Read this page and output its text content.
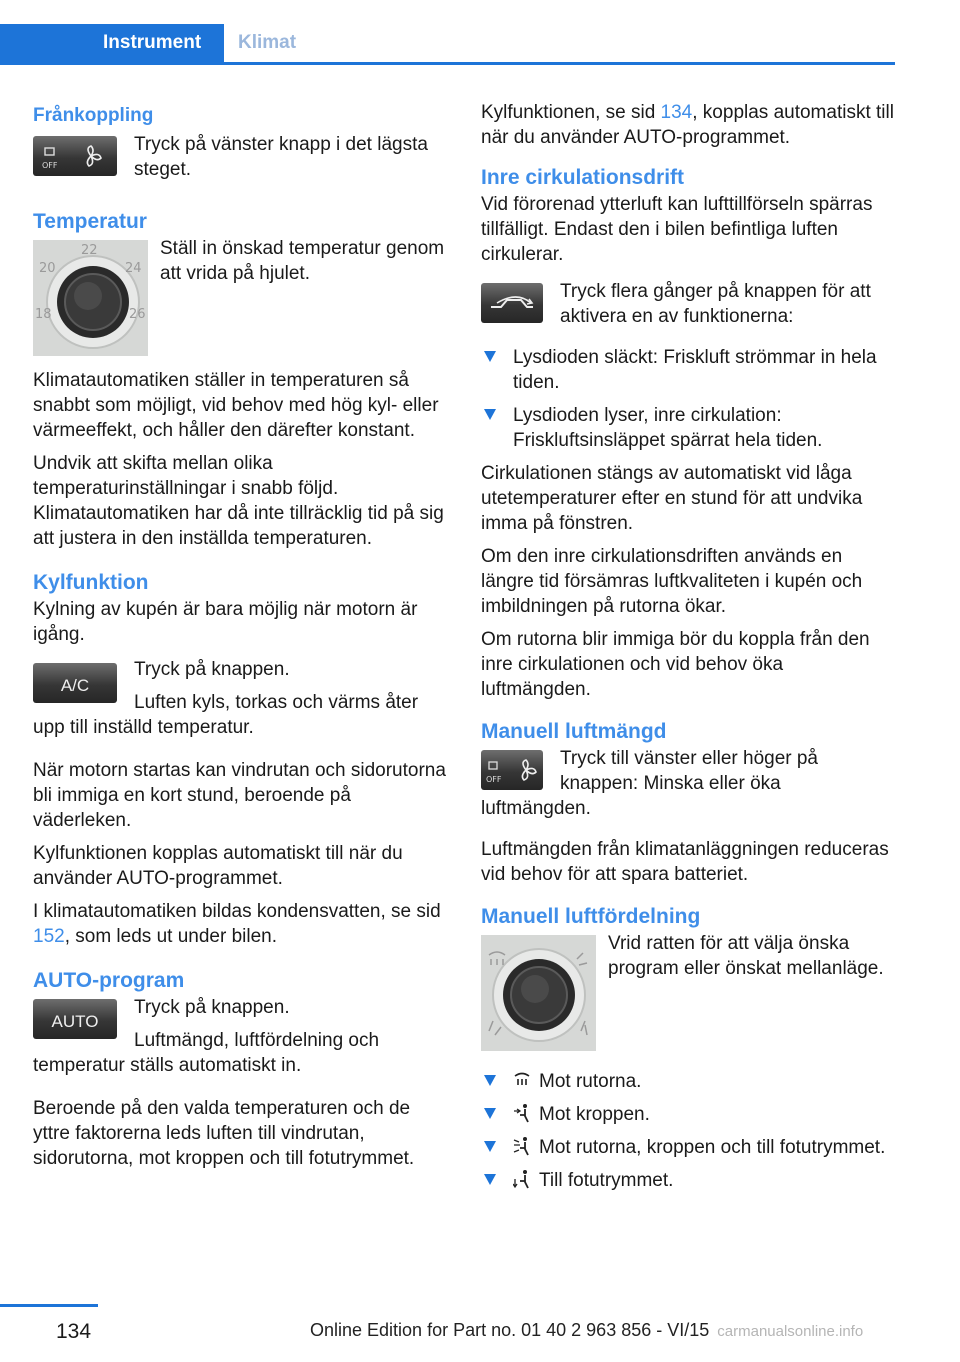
Instrument Klimat
Frånkoppling
OFF

Tryck på vänster knapp i det lägsta steget.

Temperatur
18
20
22
24
26

Ställ in önskad temperatur genom att vrida på hjulet.

Klimatautomatiken ställer in temperaturen så snabbt som möjligt, vid behov med hög kyl- eller värmeeffekt, och håller den därefter konstant.

Undvik att skifta mellan olika temperaturinställningar i snabb följd. Klimatautomatiken har då inte tillräcklig tid på sig att justera in den inställda temperaturen.

Kylfunktion

Kylning av kupén är bara möjlig när motorn är igång.

A/C

Tryck på knappen.

Luften kyls, torkas och värms åter upp till inställd temperatur.

När motorn startas kan vindrutan och sidorutorna bli immiga en kort stund, beroende på väderleken.

Kylfunktionen kopplas automatiskt till när du använder AUTO-programmet.

I klimatautomatiken bildas kondensvatten, se sid 152, som leds ut under bilen.

AUTO-program
AUTO

Tryck på knappen.

Luftmängd, luftfördelning och temperatur ställs automatiskt in.

Beroende på den valda temperaturen och de yttre faktorerna leds luften till vindrutan, sidorutorna, mot kroppen och till fotutrymmet.

Kylfunktionen, se sid 134, kopplas automatiskt till när du använder AUTO-programmet.

Inre cirkulationsdrift

Vid förorenad ytterluft kan lufttillförseln spärras tillfälligt. Endast den i bilen befintliga luften cirkulerar.

Tryck flera gånger på knappen för att aktivera en av funktionerna:

Lysdioden släckt: Friskluft strömmar in hela tiden.
Lysdioden lyser, inre cirkulation: Friskluftsinsläppet spärrat hela tiden.

Cirkulationen stängs av automatiskt vid låga utetemperaturer efter en stund för att undvika imma på fönstren.

Om den inre cirkulationsdriften används en längre tid försämras luftkvaliteten i kupén och imbildningen på rutorna ökar.

Om rutorna blir immiga bör du koppla från den inre cirkulationen och vid behov öka luftmängden.

Manuell luftmängd
OFF

Tryck till vänster eller höger på knappen: Minska eller öka luftmängden.

Luftmängden från klimatanläggningen reduceras vid behov för att spara batteriet.

Manuell luftfördelning

Vrid ratten för att välja önska program eller önskat mellanläge.

Mot rutorna.
Mot kroppen.
Mot rutorna, kroppen och till fotutrymmet.
Till fotutrymmet.
134	Online Edition for Part no. 01 40 2 963 856 - VI/15 carmanualsonline.info
